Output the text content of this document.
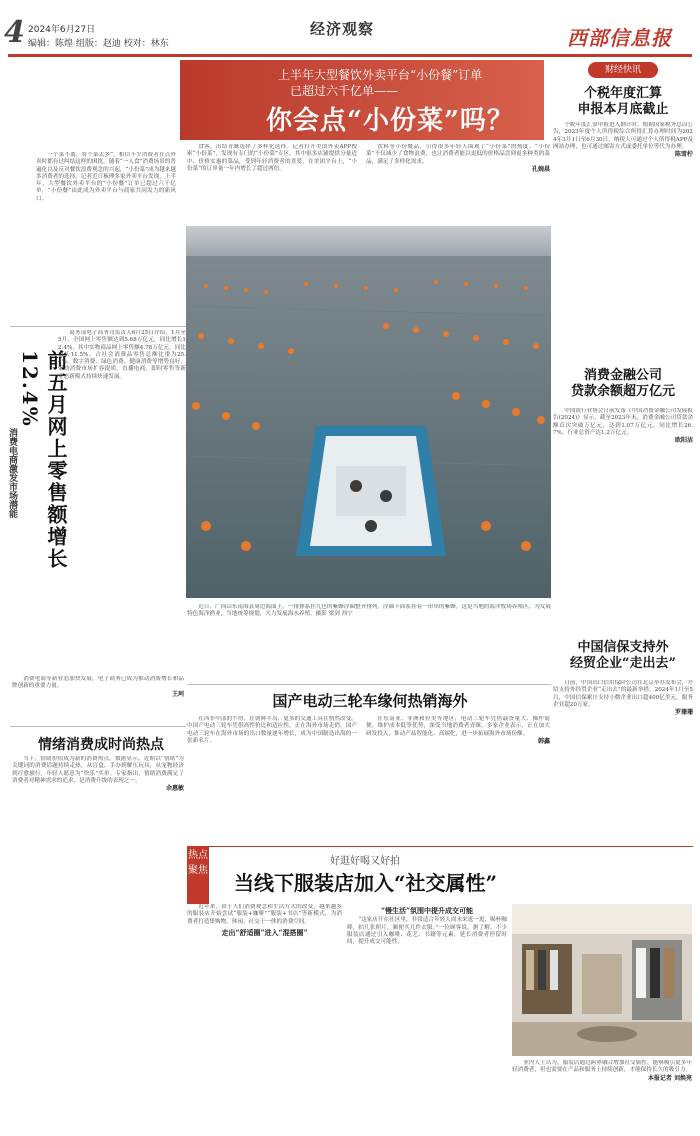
4 2024年6月27日
编辑：陈煌 组版：赵迪 校对：林东
经济观察	西部信息报
上半年大型餐饮外卖平台“小份餐”订单
已超过六千亿单——
你会点“小份菜”吗？

一个菜不离，将个菜太多”，相信不少消费者在点外卖时都有过纠结这样的困扰。随着“一人食”消费场景的普遍化以及反对餐饮浪费观念的兴起，“小份菜”成为越来越多消费者的选择。记者近日梳理多家外卖平台发现，上半年，大型餐饮外卖平台的“小份餐”订单已超过六千亿单，“小份餐”由此成为外卖平台与商家共同发力的新风口。

食客，出结青睐选择了多样化选择。记者打开美团外卖APP搜索“小份菜”，发现有专门的“小份菜”专区，其中很多店铺提供分量适中、价格实惠的菜品，受到年轻消费者的喜爱。在美团平台上，“小份菜”的订单量一年内增长了超过两倍。

饮料等小份餐品，引得很多年轻人围观了“小份菜”的热度。“小份菜”不仅减少了食物浪费，也让消费者能以更低的价格品尝到更多种类的菜品，满足了多样化需求。

孔婉晨

近日，广西山东南海县周边海面上，一排排系挂九色的紫蜂浮圈整齐排列，浮圈下面系挂着一串串的紫蜂。这是当地的海洋牧场养殖区，为发展特色海洋渔业，当地统筹规划，大力发展海水养殖。摄影 梁剑 西宁

财经快讯
个税年度汇算
申报本月底截止

个税年度汇算申报进入倒计时。根据国家税务总局公告，2023年度个人所得税综合所得汇算办理时间为2024年3月1日至6月30日。纳税人可通过个人所得税APP及网站办理，也可通过邮寄方式或委托单位等代为办理。

陈雪柠
消费金融公司
贷款余额超万亿元

中国银行业协会日前发布《中国消费金融公司发展报告(2024)》显示，截至2023年末，消费金融公司贷款余额首次突破万亿元，达到1.07万亿元，同比增长26.7%。行业总资产达1.2万亿元。

欧阳洁
中国信保支持外
经贸企业“走出去”

日前，中国出口信用保险公司在北京举办发布会，介绍支持外经贸企业“走出去”的最新举措。2024年1月至5月，中国信保累计支持小微企业出口超400亿美元，服务企业超20万家。

罗珊珊
前五月网上零售额增长12.4%
消费电商激发市场潜能

商务部电子商务司负责人6月25日介绍，1月至5月，全国网上零售额达到5.68万亿元，同比增长12.4%，其中实物商品网上零售额4.78万亿元，同比增长11.5%，占社会消费品零售总额比重为25.4%。数字消费、绿色消费、健康消费等增势良好，带动消费市场扩容提质。直播电商、即时零售等新业态新模式持续快速发展。

消费电商等新业态加快发展，电子商务已成为推动消费增长和品牌创新的重要力量。

王珂	国产电动三轮车缘何热销海外

在西非中部的乍得，在朝鲜半岛，更多的交通工具在悄然改变。中国产电动三轮车凭借高性价比和适应性，正在海外市场走俏。国产电动三轮车在海外市场的出口数量逐年增长，成为中国制造出海的一张新名片。

在东南亚、非洲和拉美等地区，电动三轮车凭借载货量大、操作简便、维护成本低等优势，深受当地消费者青睐。多家企业表示，正在加大研发投入，推动产品智能化、高端化，进一步拓展海外市场份额。

韩鑫
情绪消费成时尚热点

当下，情绪价值成为新的消费热点。数据显示，近期以“情绪”为关键词的消费话题持续走热。从盲盒、手办到解压玩具，从宠物经济到疗愈旅行，年轻人愿意为“快乐”买单。专家指出，情绪消费满足了消费者对精神需求的追求，是消费升级的表现之一。

余惠敏
热点聚焦
好逛好喝又好拍
当线下服装店加入“社交属性”

近年来，由于人们消费观念和生活方式的改变，越来越多的服装店开始尝试“服装+咖啡”“服装+书店”等新模式，为消费者打造集购物、休闲、社交于一体的消费空间。

走出“舒适圈”进入“混搭圈”
“慢生活”氛围中提升成交可能

“这家店开在社区里，非常适合年轻人周末来逛一逛，喝杯咖啡，拍几张照片，顺便买几件衣服。”一位顾客说。据了解，不少服装店通过引入咖啡、花艺、书籍等元素，延长消费者停留时间，提升成交可能性。

业内人士认为，服装店通过跨界融合增加社交属性，能够吸引更多年轻消费者，但也需要在产品和服务上持续创新，才能保持长久的吸引力。

本报记者 刘焕亮
